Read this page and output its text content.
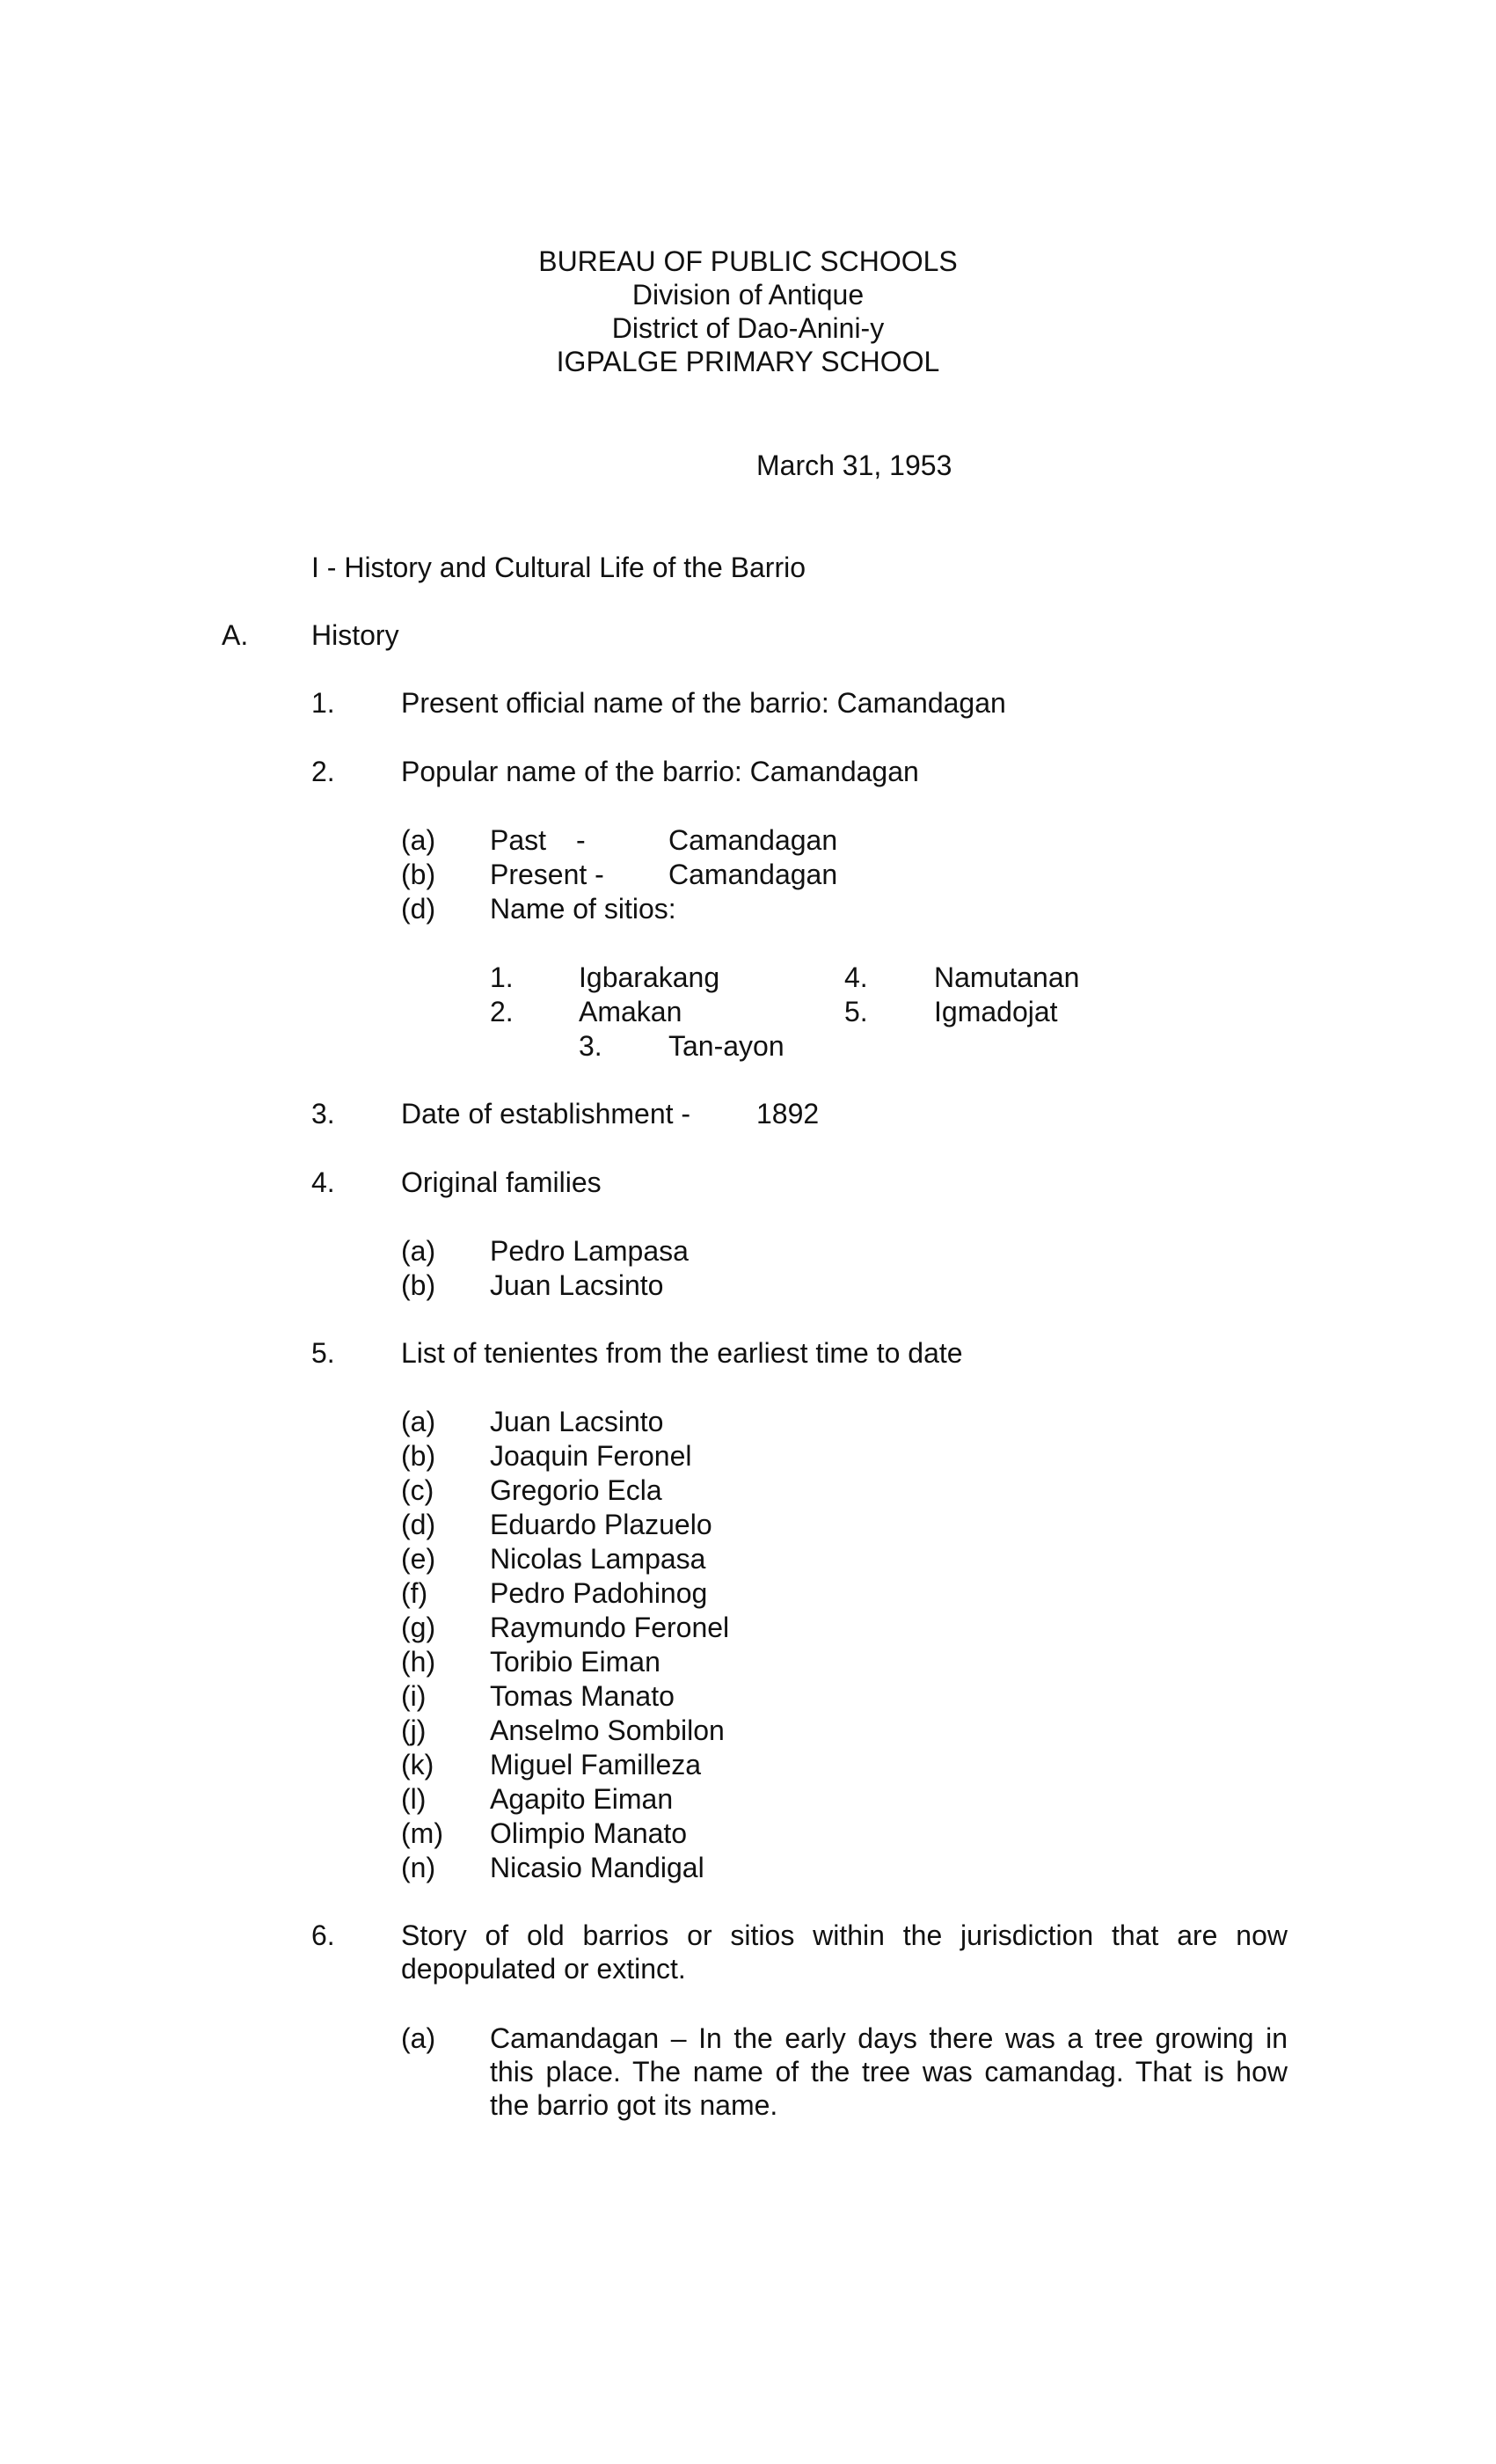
BUREAU OF PUBLIC SCHOOLS
Division of Antique
District of Dao-Anini-y
IGPALGE PRIMARY SCHOOL
March 31, 1953
I - History and Cultural Life of the Barrio
A. History
1. Present official name of the barrio: Camandagan
2. Popular name of the barrio: Camandagan
(a) Past -	Camandagan
(b) Present - Camandagan
(d) Name of sitios:
1. Igbarakang	4. Namutanan
2. Amakan	5. Igmadojat
3. Tan-ayon
3. Date of establishment - 1892
4. Original families
(a) Pedro Lampasa
(b) Juan Lacsinto
5. List of tenientes from the earliest time to date
(a) Juan Lacsinto
(b) Joaquin Feronel
(c) Gregorio Ecla
(d) Eduardo Plazuelo
(e) Nicolas Lampasa
(f) Pedro Padohinog
(g) Raymundo Feronel
(h) Toribio Eiman
(i) Tomas Manato
(j) Anselmo Sombilon
(k) Miguel Familleza
(l) Agapito Eiman
(m) Olimpio Manato
(n) Nicasio Mandigal
6. Story of old barrios or sitios within the jurisdiction that are now depopulated or extinct.
(a) Camandagan – In the early days there was a tree growing in this place. The name of the tree was camandag. That is how the barrio got its name.
